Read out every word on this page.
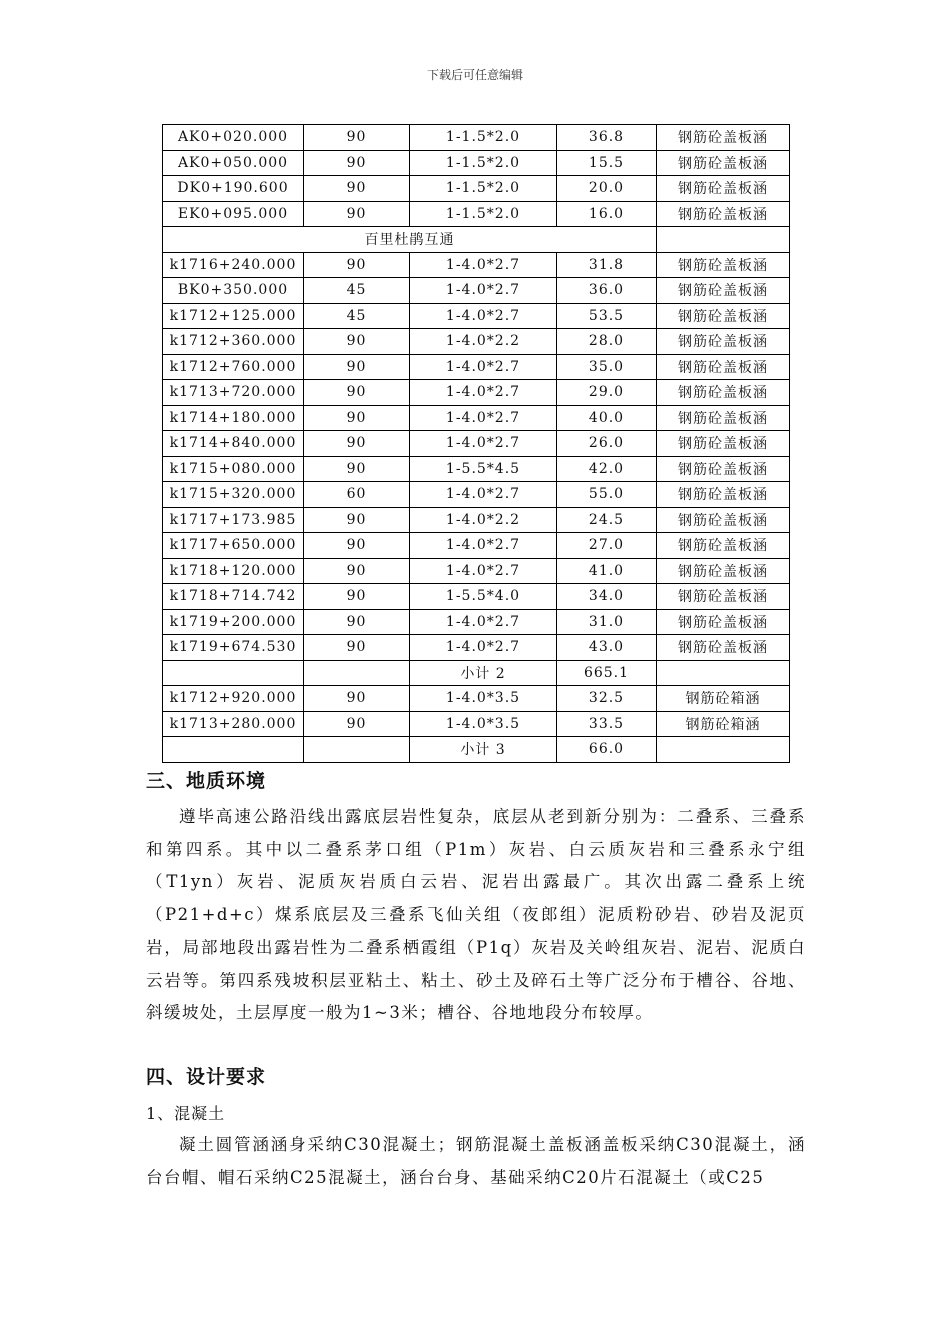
下载后可任意编辑
AK0+020.000	90	1-1.5*2.0	36.8	钢筋砼盖板涵
AK0+050.000	90	1-1.5*2.0	15.5	钢筋砼盖板涵
DK0+190.600	90	1-1.5*2.0	20.0	钢筋砼盖板涵
EK0+095.000	90	1-1.5*2.0	16.0	钢筋砼盖板涵
百里杜鹃互通				
k1716+240.000	90	1-4.0*2.7	31.8	钢筋砼盖板涵
BK0+350.000	45	1-4.0*2.7	36.0	钢筋砼盖板涵
k1712+125.000	45	1-4.0*2.7	53.5	钢筋砼盖板涵
k1712+360.000	90	1-4.0*2.2	28.0	钢筋砼盖板涵
k1712+760.000	90	1-4.0*2.7	35.0	钢筋砼盖板涵
k1713+720.000	90	1-4.0*2.7	29.0	钢筋砼盖板涵
k1714+180.000	90	1-4.0*2.7	40.0	钢筋砼盖板涵
k1714+840.000	90	1-4.0*2.7	26.0	钢筋砼盖板涵
k1715+080.000	90	1-5.5*4.5	42.0	钢筋砼盖板涵
k1715+320.000	60	1-4.0*2.7	55.0	钢筋砼盖板涵
k1717+173.985	90	1-4.0*2.2	24.5	钢筋砼盖板涵
k1717+650.000	90	1-4.0*2.7	27.0	钢筋砼盖板涵
k1718+120.000	90	1-4.0*2.7	41.0	钢筋砼盖板涵
k1718+714.742	90	1-5.5*4.0	34.0	钢筋砼盖板涵
k1719+200.000	90	1-4.0*2.7	31.0	钢筋砼盖板涵
k1719+674.530	90	1-4.0*2.7	43.0	钢筋砼盖板涵
		小计 2	665.1	
k1712+920.000	90	1-4.0*3.5	32.5	钢筋砼箱涵
k1713+280.000	90	1-4.0*3.5	33.5	钢筋砼箱涵
		小计 3	66.0	
三、地质环境

遵毕高速公路沿线出露底层岩性复杂，底层从老到新分别为：二叠系、三叠系和第四系。其中以二叠系茅口组（P1m）灰岩、白云质灰岩和三叠系永宁组（T1yn）灰岩、泥质灰岩质白云岩、泥岩出露最广。其次出露二叠系上统（P21+d+c）煤系底层及三叠系飞仙关组（夜郎组）泥质粉砂岩、砂岩及泥页岩，局部地段出露岩性为二叠系栖霞组（P1q）灰岩及关岭组灰岩、泥岩、泥质白云岩等。第四系残坡积层亚粘土、粘土、砂土及碎石土等广泛分布于槽谷、谷地、斜缓坡处，土层厚度一般为1~3米；槽谷、谷地地段分布较厚。

四、设计要求
1、混凝土

凝土圆管涵涵身采纳C30混凝土；钢筋混凝土盖板涵盖板采纳C30混凝土，涵台台帽、帽石采纳C25混凝土，涵台台身、基础采纳C20片石混凝土（或C25
